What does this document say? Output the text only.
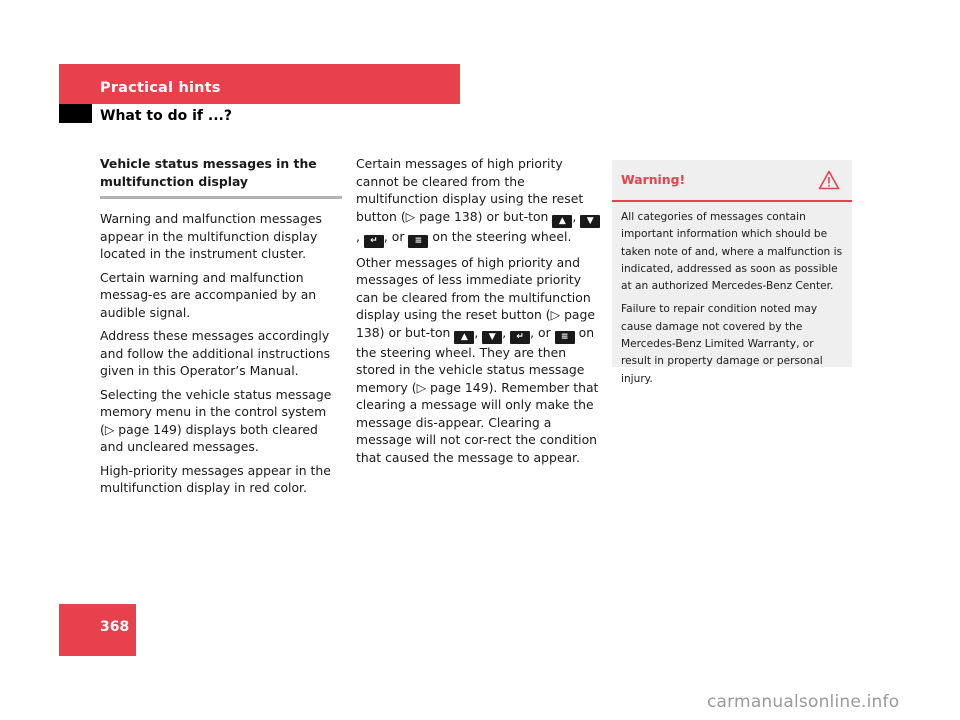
Practical hints
What to do if ...?
Vehicle status messages in the multifunction display

Warning and malfunction messages appear in the multifunction display located in the instrument cluster.

Certain warning and malfunction messag-es are accompanied by an audible signal.

Address these messages accordingly and follow the additional instructions given in this Operator’s Manual.

Selecting the vehicle status message memory menu in the control system (▷ page 149) displays both cleared and uncleared messages.

High-priority messages appear in the multifunction display in red color.

Certain messages of high priority cannot be cleared from the multifunction display using the reset button (▷ page 138) or but-ton ▲ , ▼, ↵ , or ≡ on the steering wheel.

Other messages of high priority and messages of less immediate priority can be cleared from the multifunction display using the reset button (▷ page 138) or but-ton ▲ , ▼ , ↵ , or ≡ on the steering wheel. They are then stored in the vehicle status message memory (▷ page 149). Remember that clearing a message will only make the message dis-appear. Clearing a message will not cor-rect the condition that caused the message to appear.

Warning!

All categories of messages contain important information which should be taken note of and, where a malfunction is indicated, addressed as soon as possible at an authorized Mercedes-Benz Center.

Failure to repair condition noted may cause damage not covered by the Mercedes-Benz Limited Warranty, or result in property damage or personal injury.

368
carmanualsonline.info
